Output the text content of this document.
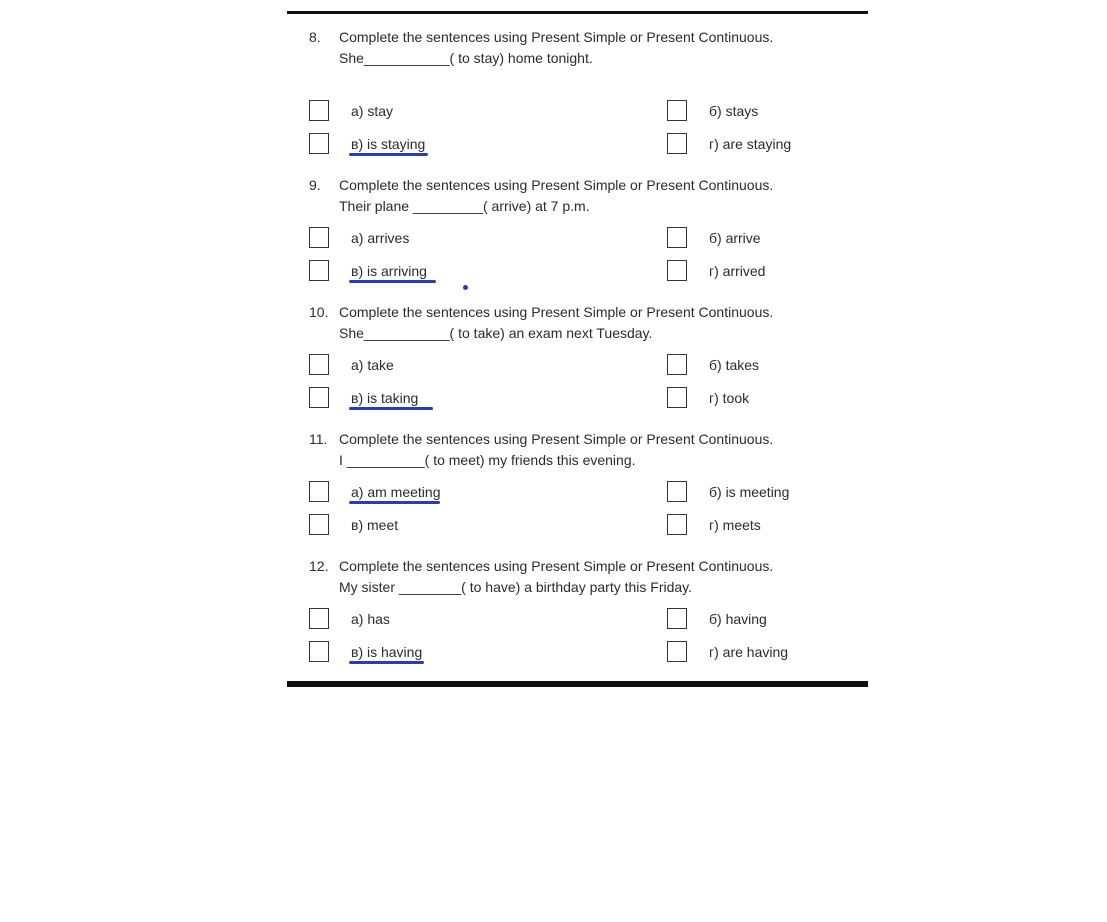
8. Complete the sentences using Present Simple or Present Continuous.
She___________( to stay) home tonight.
а) stay	б) stays
в) is staying	г) are staying
9. Complete the sentences using Present Simple or Present Continuous.
Their plane _________( arrive) at 7 p.m.
а) arrives	б) arrive
в) is arriving	г) arrived
10. Complete the sentences using Present Simple or Present Continuous.
She___________( to take) an exam next Tuesday.
а) take	б) takes
в) is taking	г) took
11. Complete the sentences using Present Simple or Present Continuous.
I __________( to meet) my friends this evening.
а) am meeting	б) is meeting
в) meet	г) meets
12. Complete the sentences using Present Simple or Present Continuous.
My sister ________( to have) a birthday party this Friday.
а) has	б) having
в) is having	г) are having
